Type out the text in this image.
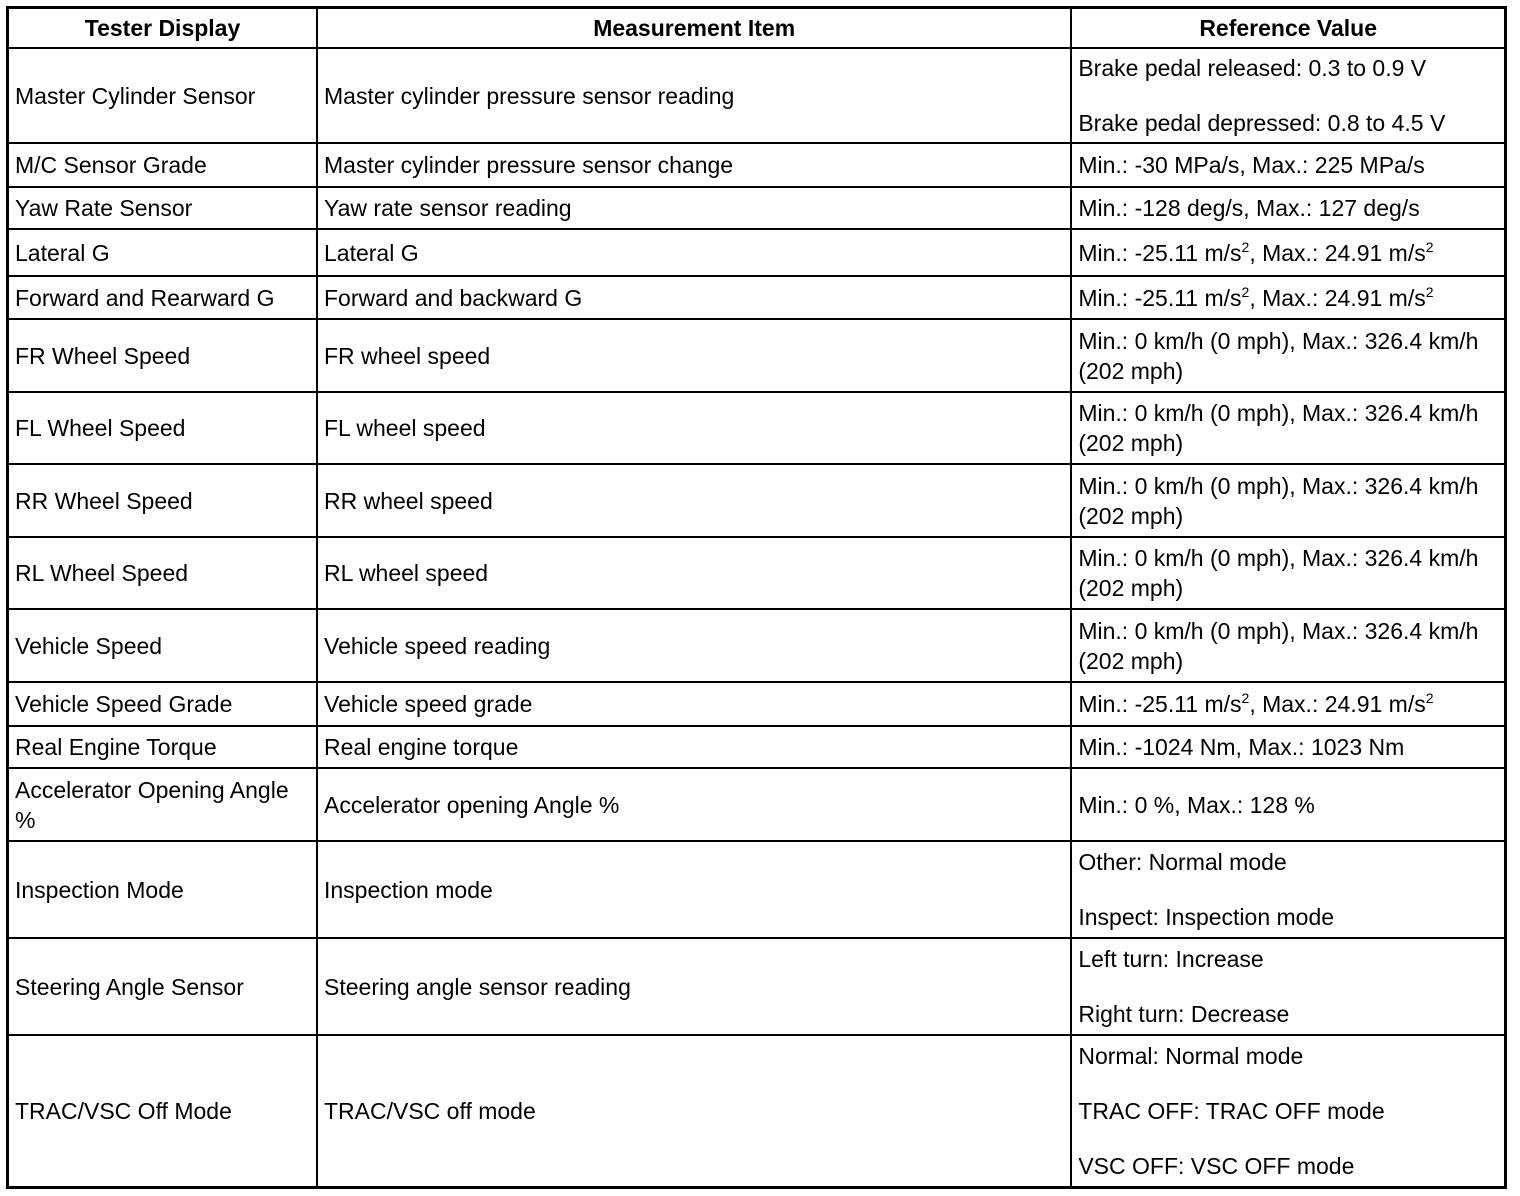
Tester Display	Measurement Item	Reference Value
Master Cylinder Sensor	Master cylinder pressure sensor reading	Brake pedal released: 0.3 to 0.9 V

Brake pedal depressed: 0.8 to 4.5 V

M/C Sensor Grade	Master cylinder pressure sensor change	Min.: -30 MPa/s, Max.: 225 MPa/s

Yaw Rate Sensor	Yaw rate sensor reading	Min.: -128 deg/s, Max.: 127 deg/s

Lateral G	Lateral G	Min.: -25.11 $m/s^2$, Max.: 24.91 $m/s^2$

Forward and Rearward G	Forward and backward G	Min.: -25.11 $m/s^2$, Max.: 24.91 $m/s^2$

FR Wheel Speed	FR wheel speed	Min.: 0 km/h (0 mph), Max.: 326.4 km/h (202 mph)

FL Wheel Speed	FL wheel speed	Min.: 0 km/h (0 mph), Max.: 326.4 km/h (202 mph)

RR Wheel Speed	RR wheel speed	Min.: 0 km/h (0 mph), Max.: 326.4 km/h (202 mph)

RL Wheel Speed	RL wheel speed	Min.: 0 km/h (0 mph), Max.: 326.4 km/h (202 mph)

Vehicle Speed	Vehicle speed reading	Min.: 0 km/h (0 mph), Max.: 326.4 km/h (202 mph)

Vehicle Speed Grade	Vehicle speed grade	Min.: -25.11 $m/s^2$, Max.: 24.91 $m/s^2$

Real Engine Torque	Real engine torque	Min.: -1024 Nm, Max.: 1023 Nm

Accelerator Opening Angle %	Accelerator opening Angle %	Min.: 0 %, Max.: 128 %

Inspection Mode	Inspection mode	Other: Normal mode

Inspect: Inspection mode

Steering Angle Sensor	Steering angle sensor reading	Left turn: Increase

Right turn: Decrease

TRAC/VSC Off Mode	TRAC/VSC off mode	Normal: Normal mode

TRAC OFF: TRAC OFF mode

VSC OFF: VSC OFF mode
